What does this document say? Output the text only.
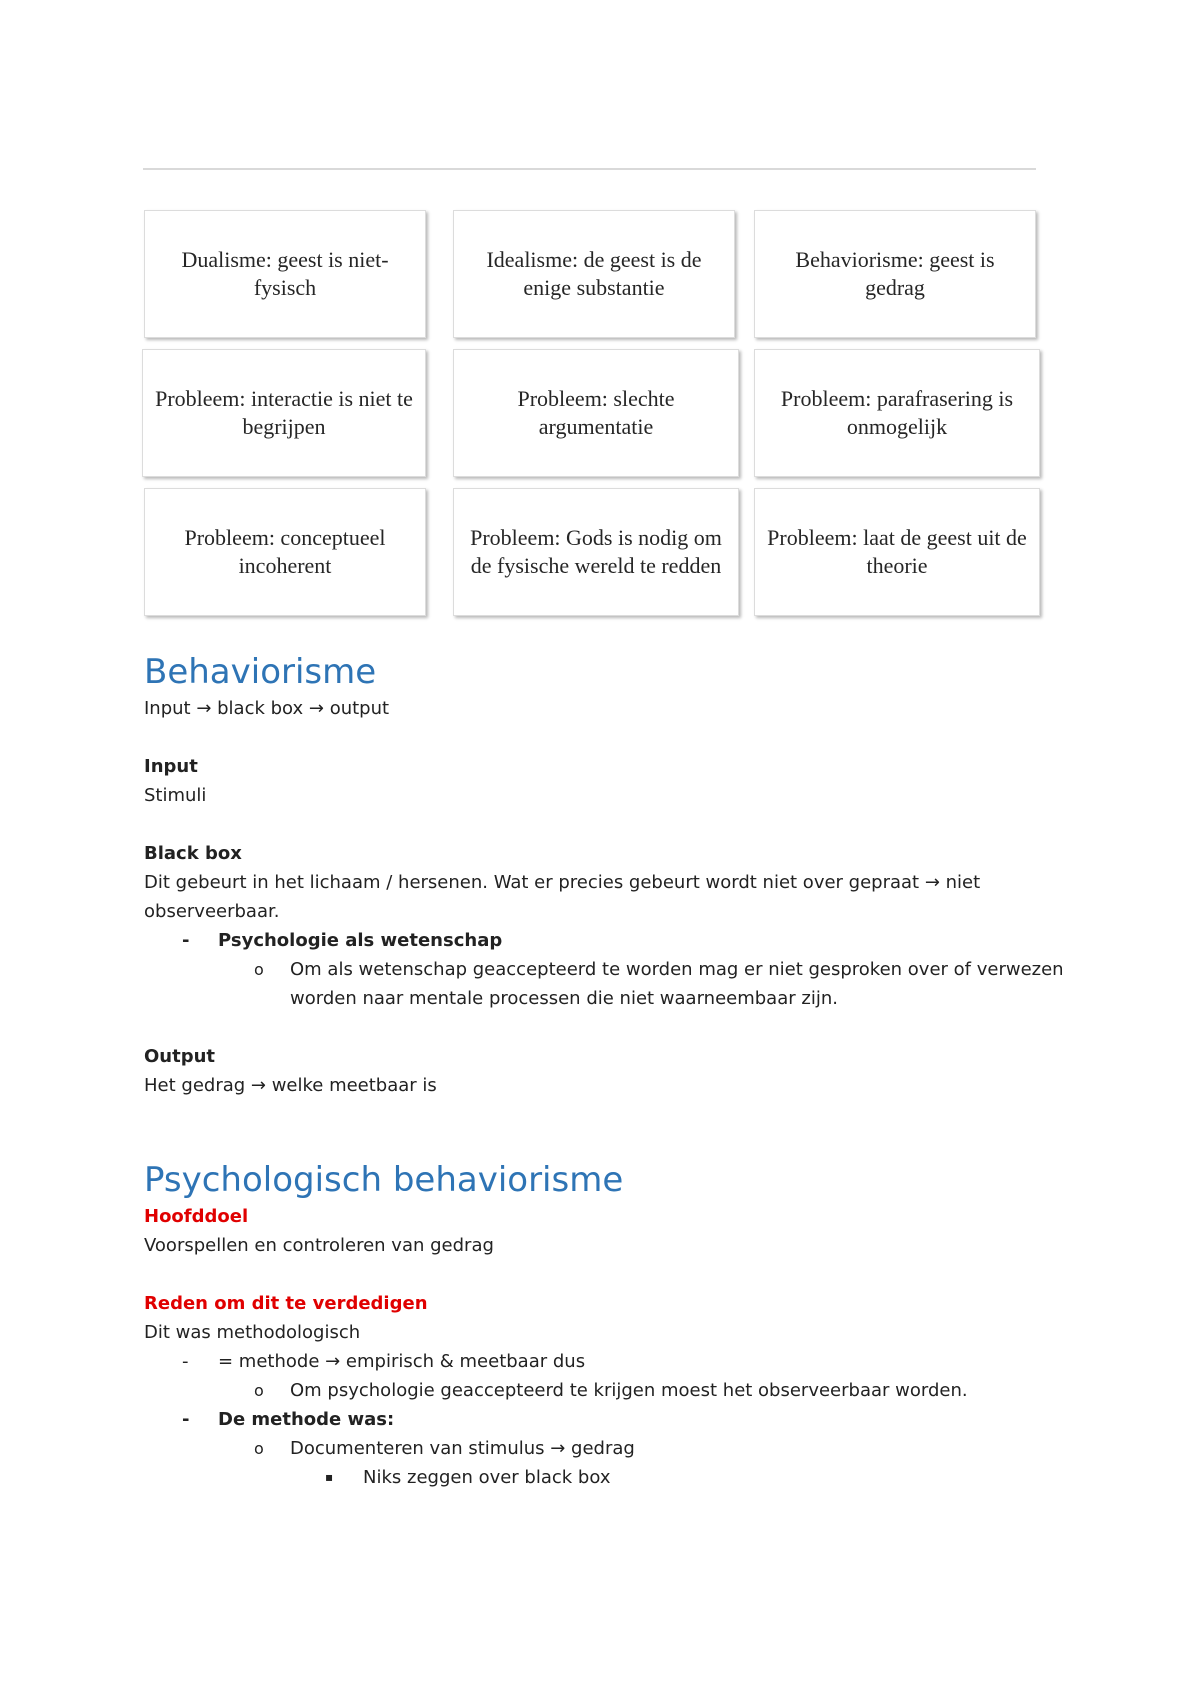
Dualisme: geest is niet-fysisch
Idealisme: de geest is de enige substantie
Behaviorisme: geest is gedrag
Probleem: interactie is niet te begrijpen
Probleem: slechte argumentatie
Probleem: parafrasering is onmogelijk
Probleem: conceptueel incoherent
Probleem: Gods is nodig om de fysische wereld te redden
Probleem: laat de geest uit de theorie
Behaviorisme

Input → black box → output

Input

Stimuli

Black box

Dit gebeurt in het lichaam / hersenen. Wat er precies gebeurt wordt niet over gepraat → niet observeerbaar.

- Psychologie als wetenschap
o Om als wetenschap geaccepteerd te worden mag er niet gesproken over of verwezen worden naar mentale processen die niet waarneembaar zijn.

Output

Het gedrag → welke meetbaar is

Psychologisch behaviorisme

Hoofddoel

Voorspellen en controleren van gedrag

Reden om dit te verdedigen

Dit was methodologisch

- = methode → empirisch & meetbaar dus
o Om psychologie geaccepteerd te krijgen moest het observeerbaar worden.
- De methode was:
o Documenteren van stimulus → gedrag
▪ Niks zeggen over black box
